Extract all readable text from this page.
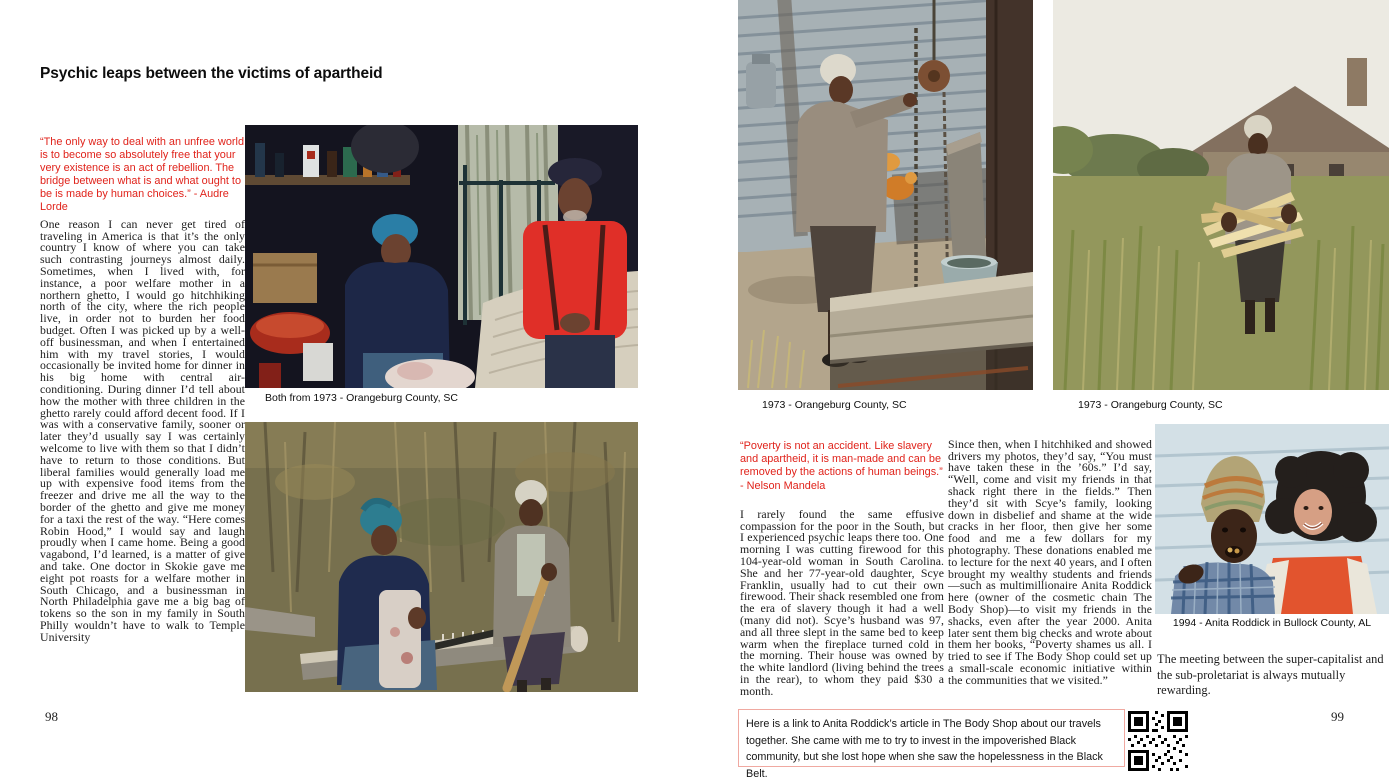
Psychic leaps between the victims of apartheid

“The only way to deal with an unfree world is to become so absolutely free that your very existence is an act of rebellion. The bridge between what is and what ought to be is made by human choices.” - Audre Lorde

One reason I can never get tired of traveling in America is that it’s the only country I know of where you can take such contrasting journeys almost daily. Sometimes, when I lived with, for instance, a poor welfare mother in a northern ghetto, I would go hitchhiking north of the city, where the rich people live, in order not to burden her food budget. Often I was picked up by a well-off businessman, and when I entertained him with my travel stories, I would occasionally be invited home for dinner in his big home with central air- conditioning. During dinner I’d tell about how the mother with three children in the ghetto rarely could afford decent food. If I was with a conservative family, sooner or later they’d usually say I was certainly welcome to live with them so that I didn’t have to return to those conditions. But liberal families would generally load me up with expensive food items from the freezer and drive me all the way to the border of the ghetto and give me money for a taxi the rest of the way. “Here comes Robin Hood,” I would say and laugh proudly when I came home. Being a good vagabond, I’d learned, is a matter of give and take. One doctor in Skokie gave me eight pot roasts for a welfare mother in South Chicago, and a businessman in North Philadelphia gave me a big bag of tokens so the son in my family in South Philly wouldn’t have to walk to Temple University

Both from 1973 - Orangeburg County, SC
98
1973 - Orangeburg County, SC	1973 - Orangeburg County, SC

“Poverty is not an accident. Like slavery and apartheid, it is man-made and can be removed by the actions of human beings.”

- Nelson Mandela

I rarely found the same effusive compassion for the poor in the South, but I experienced psychic leaps there too. One morning I was cutting firewood for this 104-year-old woman in South Carolina. She and her 77-year-old daughter, Scye Franklin, usually had to cut their own firewood. Their shack resembled one from the era of slavery though it had a well (many did not). Scye’s husband was 97, and all three slept in the same bed to keep warm when the fireplace turned cold in the morning. Their house was owned by the white landlord (living behind the trees in the rear), to whom they paid $30 a month.

Since then, when I hitchhiked and showed drivers my photos, they’d say, “You must have taken these in the ’60s.” I’d say, “Well, come and visit my friends in that shack right there in the fields.” Then they’d sit with Scye’s family, looking down in disbelief and shame at the wide cracks in her floor, then give her some food and me a few dollars for my photography. These donations enabled me to lecture for the next 40 years, and I often brought my wealthy students and friends—such as multimillionaire Anita Roddick here (owner of the cosmetic chain The Body Shop)—to visit my friends in the shacks, even after the year 2000. Anita later sent them big checks and wrote about them her books, “Poverty shames us all. I tried to see if The Body Shop could set up a small-scale economic initiative within the communities that we visited.”

1994 - Anita Roddick in Bullock County, AL

The meeting between the super-capitalist and the sub-proletariat is always mutually rewarding.

Here is a link to Anita Roddick’s article in The Body Shop about our travels together. She came with me to try to invest in the impoverished Black community, but she lost hope when she saw the hopelessness in the Black Belt.

99
